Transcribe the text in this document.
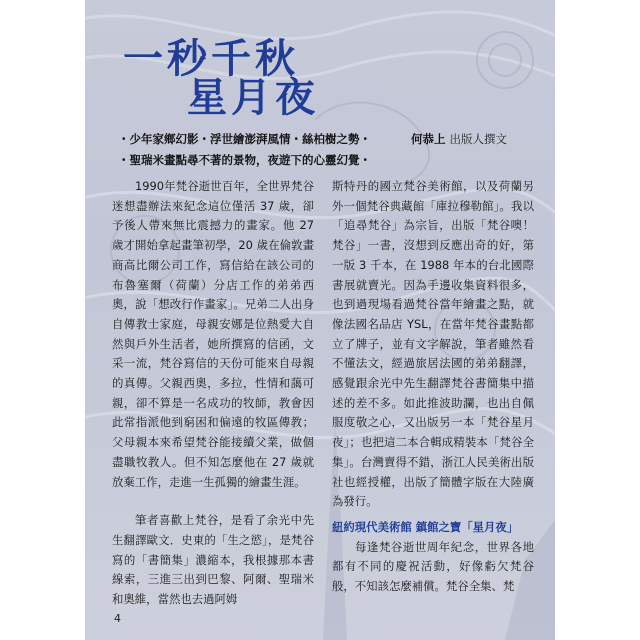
一秒千秋
星月夜
・少年家鄉幻影・浮世繪澎湃風情・絲柏樹之勢・
・聖瑞米畫點尋不著的景物，夜遊下的心靈幻覺・
何恭上 出版人撰文

1990年梵谷逝世百年，全世界梵谷迷想盡辦法來紀念這位僅活 37 歲，卻予後人帶來無比震撼力的畫家。他 27 歲才開始拿起畫筆初學，20 歲在倫敦畫商高比爾公司工作，寫信給在該公司的布魯塞爾（荷蘭）分店工作的弟弟西奧，說「想改行作畫家」。兄弟二人出身自傳教士家庭，母親安娜是位熱愛大自然與戶外生活者，她所撰寫的信函，文采一流，梵谷寫信的天份可能來自母親的真傳。父親西奧，多拉，性情和藹可親，卻不算是一名成功的牧師，教會因此常指派他到窮困和偏遠的牧區傳教；父母親本來希望梵谷能接續父業，做個盡職牧教人。但不知怎麼他在 27 歲就放棄工作，走進一生孤獨的繪畫生涯。

筆者喜歡上梵谷，是看了余光中先生翻譯歐文．史東的「生之慾」，是梵谷寫的「書簡集」濃縮本，我根據那本書線索，三進三出到巴黎、阿爾、聖瑞米和奧維，當然也去過阿姆

斯特丹的國立梵谷美術館，以及荷蘭另外一個梵谷典藏館「庫拉穆勒館」。我以「追尋梵谷」為宗旨，出版「梵谷噢！梵谷」一書，沒想到反應出奇的好，第一版 3 千本，在 1988 年本的台北國際書展就賣光。因為手邊收集資料很多，也到過現場看過梵谷當年繪畫之點，就像法國名品店 YSL，在當年梵谷畫點都立了牌子，並有文字解說，筆者雖然看不懂法文，經過旅居法國的弟弟翻譯，感覺跟余光中先生翻譯梵谷書簡集中描述的差不多。如此推波助瀾，也出自佩服度敬之心，又出版另一本「梵谷星月夜」；也把這二本合輯成精裝本「梵谷全集」。台灣賣得不錯，浙江人民美術出版社也經授權，出版了簡體字版在大陸廣為發行。

紐約現代美術館 鎮館之寶「星月夜」

每逢梵谷逝世周年紀念，世界各地都有不同的慶祝活動，好像虧欠梵谷般，不知該怎麼補償。梵谷全集、梵

4
